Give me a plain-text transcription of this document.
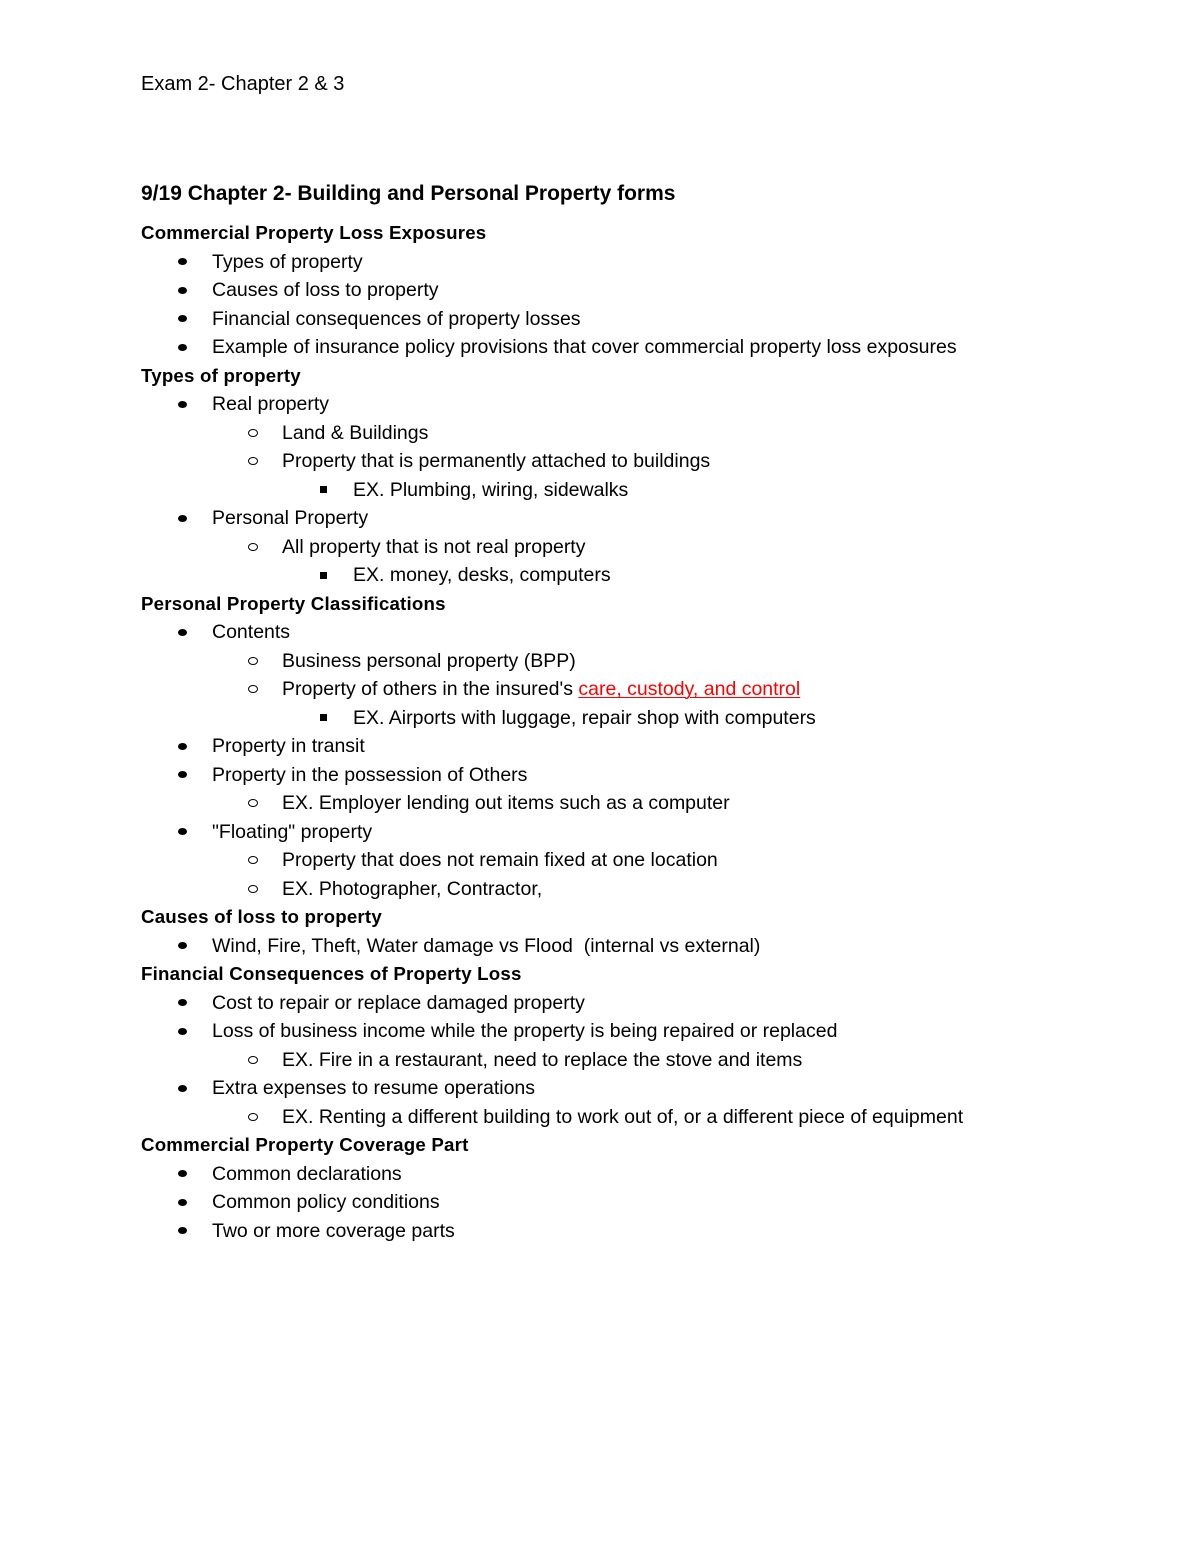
Exam 2- Chapter 2 & 3
9/19 Chapter 2- Building and Personal Property forms
Commercial Property Loss Exposures
Types of property
Causes of loss to property
Financial consequences of property losses
Example of insurance policy provisions that cover commercial property loss exposures
Types of property
Real property
Land & Buildings
Property that is permanently attached to buildings
EX. Plumbing, wiring, sidewalks
Personal Property
All property that is not real property
EX. money, desks, computers
Personal Property Classifications
Contents
Business personal property (BPP)
Property of others in the insured's care, custody, and control
EX. Airports with luggage, repair shop with computers
Property in transit
Property in the possession of Others
EX. Employer lending out items such as a computer
"Floating" property
Property that does not remain fixed at one location
EX. Photographer, Contractor,
Causes of loss to property
Wind, Fire, Theft, Water damage vs Flood  (internal vs external)
Financial Consequences of Property Loss
Cost to repair or replace damaged property
Loss of business income while the property is being repaired or replaced
EX. Fire in a restaurant, need to replace the stove and items
Extra expenses to resume operations
EX. Renting a different building to work out of, or a different piece of equipment
Commercial Property Coverage Part
Common declarations
Common policy conditions
Two or more coverage parts
